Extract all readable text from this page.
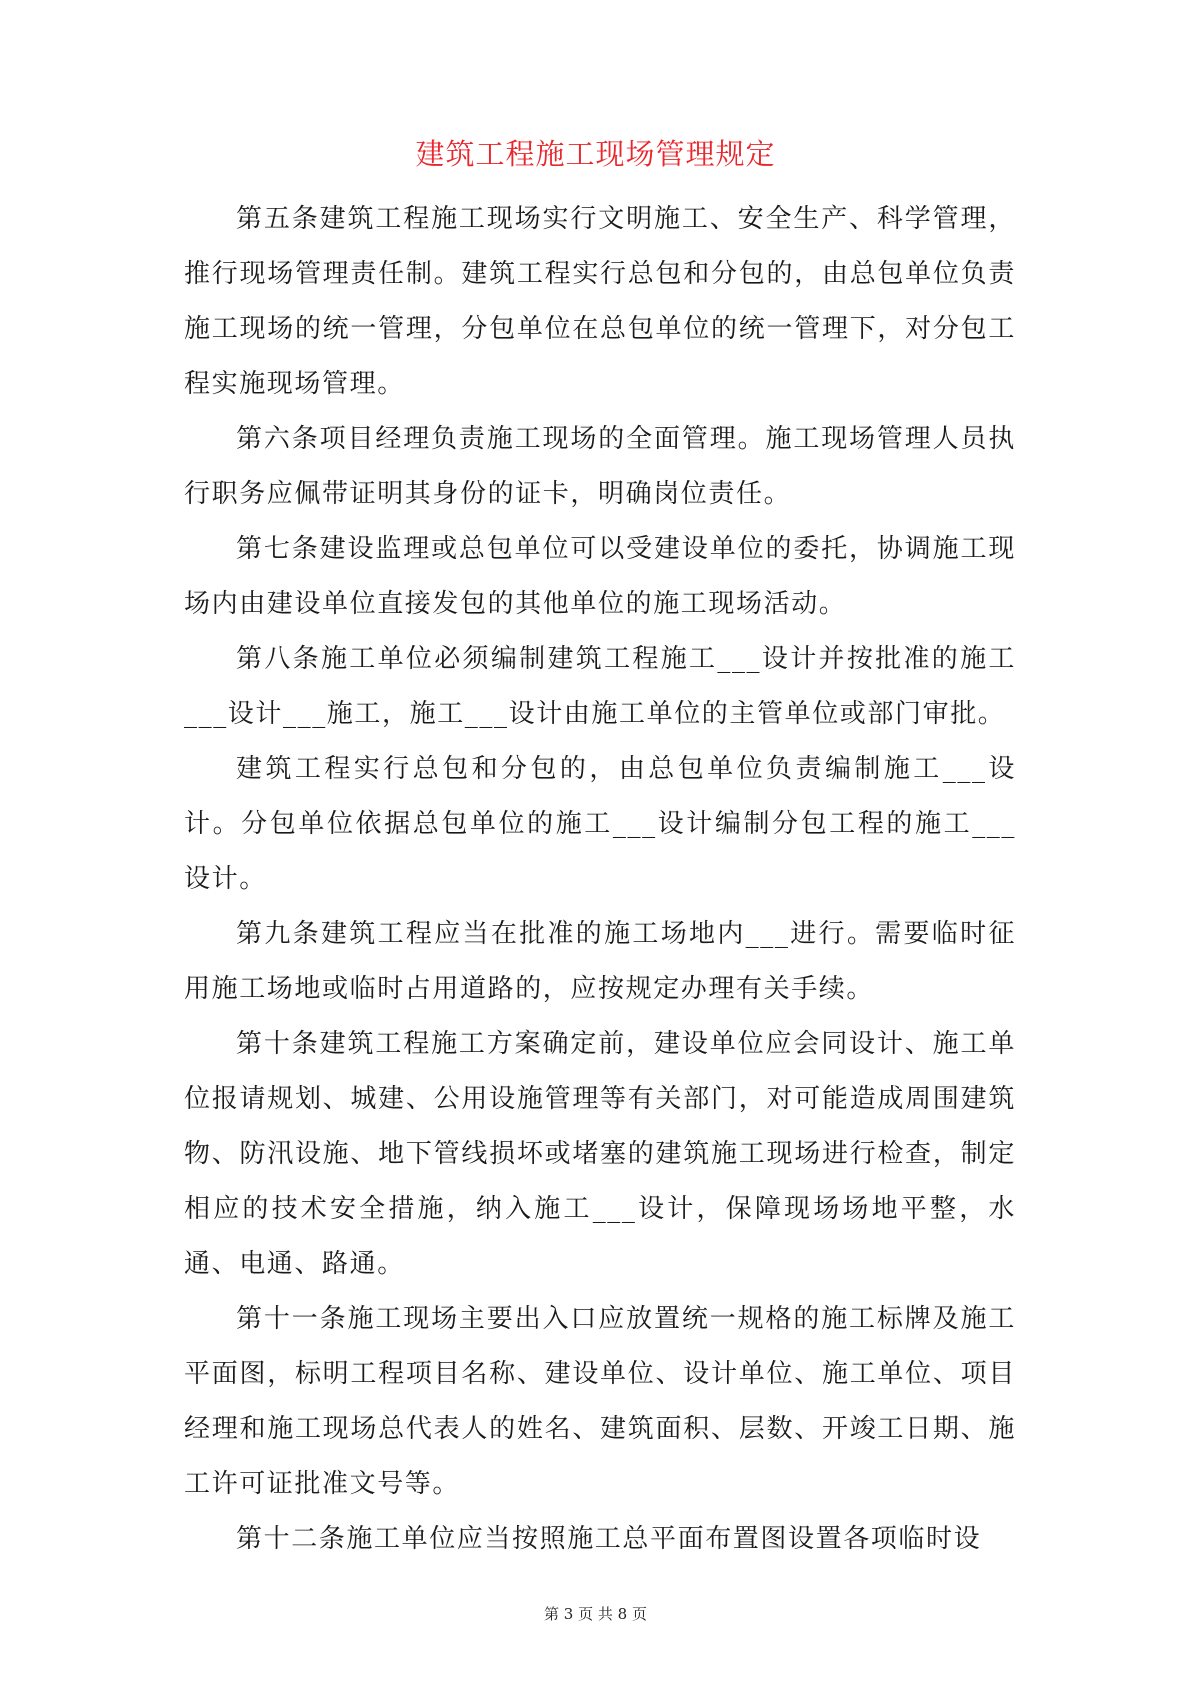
建筑工程施工现场管理规定

第五条建筑工程施工现场实行文明施工、安全生产、科学管理，推行现场管理责任制。建筑工程实行总包和分包的，由总包单位负责施工现场的统一管理，分包单位在总包单位的统一管理下，对分包工程实施现场管理。

第六条项目经理负责施工现场的全面管理。施工现场管理人员执行职务应佩带证明其身份的证卡，明确岗位责任。

第七条建设监理或总包单位可以受建设单位的委托，协调施工现场内由建设单位直接发包的其他单位的施工现场活动。

第八条施工单位必须编制建筑工程施工___设计并按批准的施工___设计___施工，施工___设计由施工单位的主管单位或部门审批。

建筑工程实行总包和分包的，由总包单位负责编制施工___设计。分包单位依据总包单位的施工___设计编制分包工程的施工___设计。

第九条建筑工程应当在批准的施工场地内___进行。需要临时征用施工场地或临时占用道路的，应按规定办理有关手续。

第十条建筑工程施工方案确定前，建设单位应会同设计、施工单位报请规划、城建、公用设施管理等有关部门，对可能造成周围建筑物、防汛设施、地下管线损坏或堵塞的建筑施工现场进行检查，制定相应的技术安全措施，纳入施工___设计，保障现场场地平整，水通、电通、路通。

第十一条施工现场主要出入口应放置统一规格的施工标牌及施工平面图，标明工程项目名称、建设单位、设计单位、施工单位、项目经理和施工现场总代表人的姓名、建筑面积、层数、开竣工日期、施工许可证批准文号等。

第十二条施工单位应当按照施工总平面布置图设置各项临时设

第 3 页 共 8 页
